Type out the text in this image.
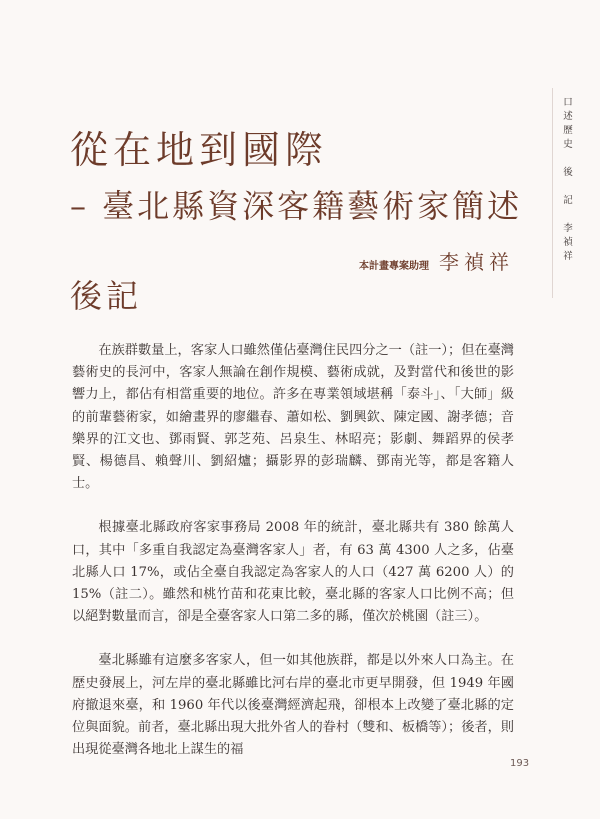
從在地到國際
– 臺北縣資深客籍藝術家簡述
本計畫專案助理 李禎祥
後記

在族群數量上，客家人口雖然僅佔臺灣住民四分之一（註一）；但在臺灣藝術史的長河中，客家人無論在創作規模、藝術成就，及對當代和後世的影響力上，都佔有相當重要的地位。許多在專業領域堪稱「泰斗」、「大師」級的前輩藝術家，如繪畫界的廖繼春、蕭如松、劉興欽、陳定國、謝孝德；音樂界的江文也、鄧雨賢、郭芝苑、呂泉生、林昭亮；影劇、舞蹈界的侯孝賢、楊德昌、賴聲川、劉紹爐；攝影界的彭瑞麟、鄧南光等，都是客籍人士。

根據臺北縣政府客家事務局 2008 年的統計，臺北縣共有 380 餘萬人口，其中「多重自我認定為臺灣客家人」者，有 63 萬 4300 人之多，佔臺北縣人口 17%，或佔全臺自我認定為客家人的人口（427 萬 6200 人）的 15%（註二）。雖然和桃竹苗和花東比較，臺北縣的客家人口比例不高；但以絕對數量而言，卻是全臺客家人口第二多的縣，僅次於桃園（註三）。

臺北縣雖有這麼多客家人，但一如其他族群，都是以外來人口為主。在歷史發展上，河左岸的臺北縣雖比河右岸的臺北市更早開發，但 1949 年國府撤退來臺，和 1960 年代以後臺灣經濟起飛，卻根本上改變了臺北縣的定位與面貌。前者，臺北縣出現大批外省人的眷村（雙和、板橋等）；後者，則出現從臺灣各地北上謀生的福

口
述
歷
史
後
記
李
禎
祥
193
